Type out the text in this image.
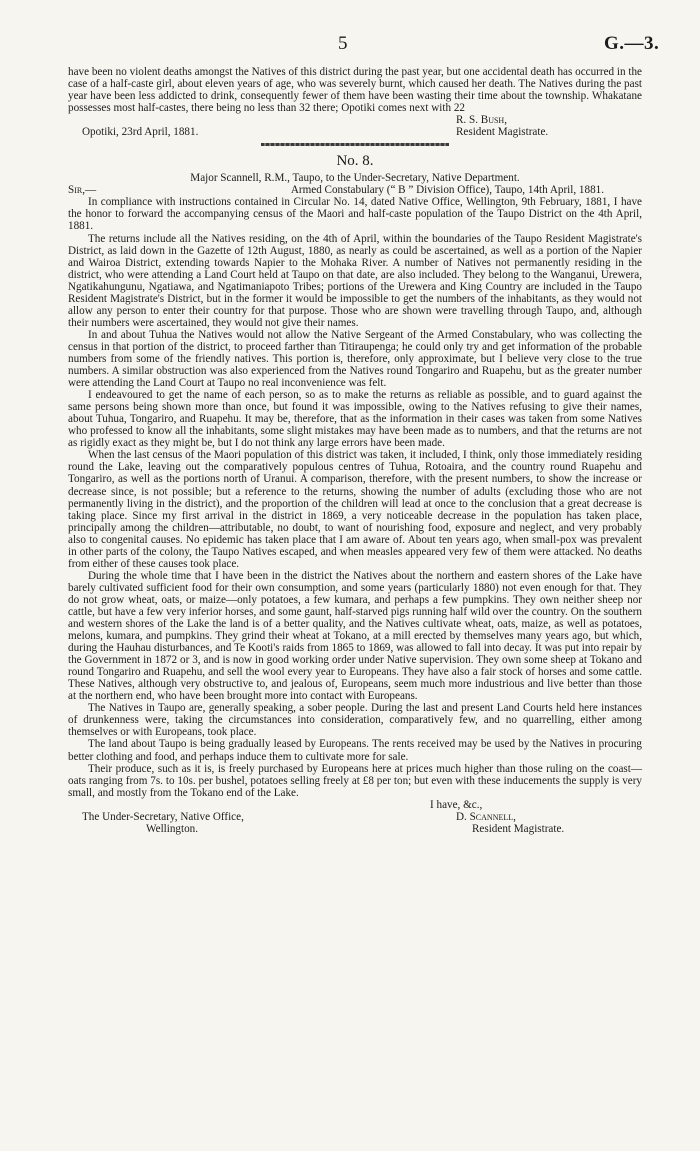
5	G.—3.

have been no violent deaths amongst the Natives of this district during the past year, but one accidental death has occurred in the case of a half-caste girl, about eleven years of age, who was severely burnt, which caused her death. The Natives during the past year have been less addicted to drink, consequently fewer of them have been wasting their time about the township. Whakatane possesses most half-castes, there being no less than 32 there; Opotiki comes next with 22

R. S. Bush,

Opotiki, 23rd April, 1881.	Resident Magistrate.
No. 8.

Major Scannell, R.M., Taupo, to the Under-Secretary, Native Department.

Sir,—	Armed Constabulary (“ B ” Division Office), Taupo, 14th April, 1881.

In compliance with instructions contained in Circular No. 14, dated Native Office, Wellington, 9th February, 1881, I have the honor to forward the accompanying census of the Maori and half-caste population of the Taupo District on the 4th April, 1881.

The returns include all the Natives residing, on the 4th of April, within the boundaries of the Taupo Resident Magistrate's District, as laid down in the Gazette of 12th August, 1880, as nearly as could be ascertained, as well as a portion of the Napier and Wairoa District, extending towards Napier to the Mohaka River. A number of Natives not permanently residing in the district, who were attending a Land Court held at Taupo on that date, are also included. They belong to the Wanganui, Urewera, Ngatikahungunu, Ngatiawa, and Ngatimaniapoto Tribes; portions of the Urewera and King Country are included in the Taupo Resident Magistrate's District, but in the former it would be impossible to get the numbers of the inhabitants, as they would not allow any person to enter their country for that purpose. Those who are shown were travelling through Taupo, and, although their numbers were ascertained, they would not give their names.

In and about Tuhua the Natives would not allow the Native Sergeant of the Armed Constabulary, who was collecting the census in that portion of the district, to proceed farther than Titiraupenga; he could only try and get information of the probable numbers from some of the friendly natives. This portion is, therefore, only approximate, but I believe very close to the true numbers. A similar obstruction was also experienced from the Natives round Tongariro and Ruapehu, but as the greater number were attending the Land Court at Taupo no real inconvenience was felt.

I endeavoured to get the name of each person, so as to make the returns as reliable as possible, and to guard against the same persons being shown more than once, but found it was impossible, owing to the Natives refusing to give their names, about Tuhua, Tongariro, and Ruapehu. It may be, therefore, that as the information in their cases was taken from some Natives who professed to know all the inhabitants, some slight mistakes may have been made as to numbers, and that the returns are not as rigidly exact as they might be, but I do not think any large errors have been made.

When the last census of the Maori population of this district was taken, it included, I think, only those immediately residing round the Lake, leaving out the comparatively populous centres of Tuhua, Rotoaira, and the country round Ruapehu and Tongariro, as well as the portions north of Uranui. A comparison, therefore, with the present numbers, to show the increase or decrease since, is not possible; but a reference to the returns, showing the number of adults (excluding those who are not permanently living in the district), and the proportion of the children will lead at once to the conclusion that a great decrease is taking place. Since my first arrival in the district in 1869, a very noticeable decrease in the population has taken place, principally among the children—attributable, no doubt, to want of nourishing food, exposure and neglect, and very probably also to congenital causes. No epidemic has taken place that I am aware of. About ten years ago, when small-pox was prevalent in other parts of the colony, the Taupo Natives escaped, and when measles appeared very few of them were attacked. No deaths from either of these causes took place.

During the whole time that I have been in the district the Natives about the northern and eastern shores of the Lake have barely cultivated sufficient food for their own consumption, and some years (particularly 1880) not even enough for that. They do not grow wheat, oats, or maize—only potatoes, a few kumara, and perhaps a few pumpkins. They own neither sheep nor cattle, but have a few very inferior horses, and some gaunt, half-starved pigs running half wild over the country. On the southern and western shores of the Lake the land is of a better quality, and the Natives cultivate wheat, oats, maize, as well as potatoes, melons, kumara, and pumpkins. They grind their wheat at Tokano, at a mill erected by themselves many years ago, but which, during the Hauhau disturbances, and Te Kooti's raids from 1865 to 1869, was allowed to fall into decay. It was put into repair by the Government in 1872 or 3, and is now in good working order under Native supervision. They own some sheep at Tokano and round Tongariro and Ruapehu, and sell the wool every year to Europeans. They have also a fair stock of horses and some cattle. These Natives, although very obstructive to, and jealous of, Europeans, seem much more industrious and live better than those at the northern end, who have been brought more into contact with Europeans.

The Natives in Taupo are, generally speaking, a sober people. During the last and present Land Courts held here instances of drunkenness were, taking the circumstances into consideration, comparatively few, and no quarrelling, either among themselves or with Europeans, took place.

The land about Taupo is being gradually leased by Europeans. The rents received may be used by the Natives in procuring better clothing and food, and perhaps induce them to cultivate more for sale.

Their produce, such as it is, is freely purchased by Europeans here at prices much higher than those ruling on the coast—oats ranging from 7s. to 10s. per bushel, potatoes selling freely at £8 per ton; but even with these inducements the supply is very small, and mostly from the Tokano end of the Lake.

I have, &c.,

The Under-Secretary, Native Office,	D. Scannell,
Wellington.	Resident Magistrate.
